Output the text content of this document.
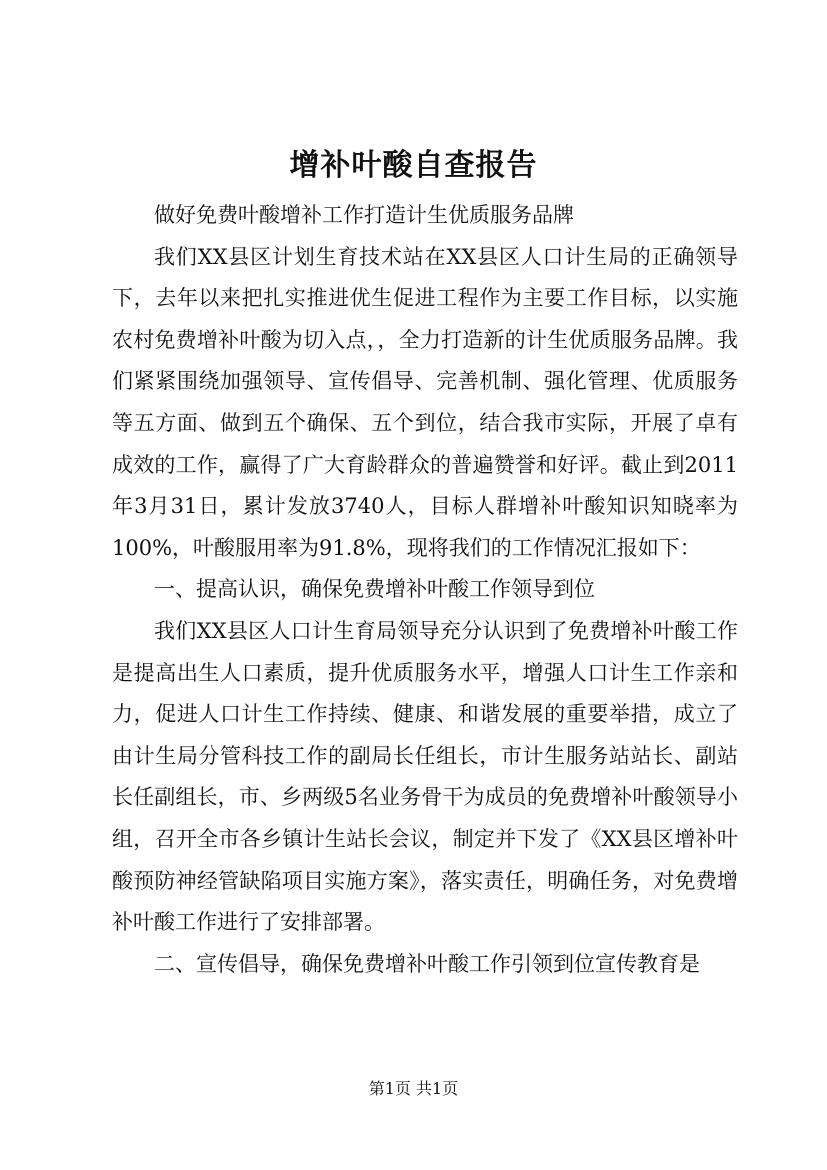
增补叶酸自查报告

做好免费叶酸增补工作打造计生优质服务品牌

我们XX县区计划生育技术站在XX县区人口计生局的正确领导下，去年以来把扎实推进优生促进工程作为主要工作目标，以实施农村免费增补叶酸为切入点，，全力打造新的计生优质服务品牌。我们紧紧围绕加强领导、宣传倡导、完善机制、强化管理、优质服务等五方面、做到五个确保、五个到位，结合我市实际，开展了卓有成效的工作，赢得了广大育龄群众的普遍赞誉和好评。截止到2011年3月31日，累计发放3740人，目标人群增补叶酸知识知晓率为100%，叶酸服用率为91.8%，现将我们的工作情况汇报如下：

一、提高认识，确保免费增补叶酸工作领导到位

我们XX县区人口计生育局领导充分认识到了免费增补叶酸工作是提高出生人口素质，提升优质服务水平，增强人口计生工作亲和力，促进人口计生工作持续、健康、和谐发展的重要举措，成立了由计生局分管科技工作的副局长任组长，市计生服务站站长、副站长任副组长，市、乡两级5名业务骨干为成员的免费增补叶酸领导小组，召开全市各乡镇计生站长会议，制定并下发了《XX县区增补叶酸预防神经管缺陷项目实施方案》，落实责任，明确任务，对免费增补叶酸工作进行了安排部署。

二、宣传倡导，确保免费增补叶酸工作引领到位宣传教育是

第1页 共1页
